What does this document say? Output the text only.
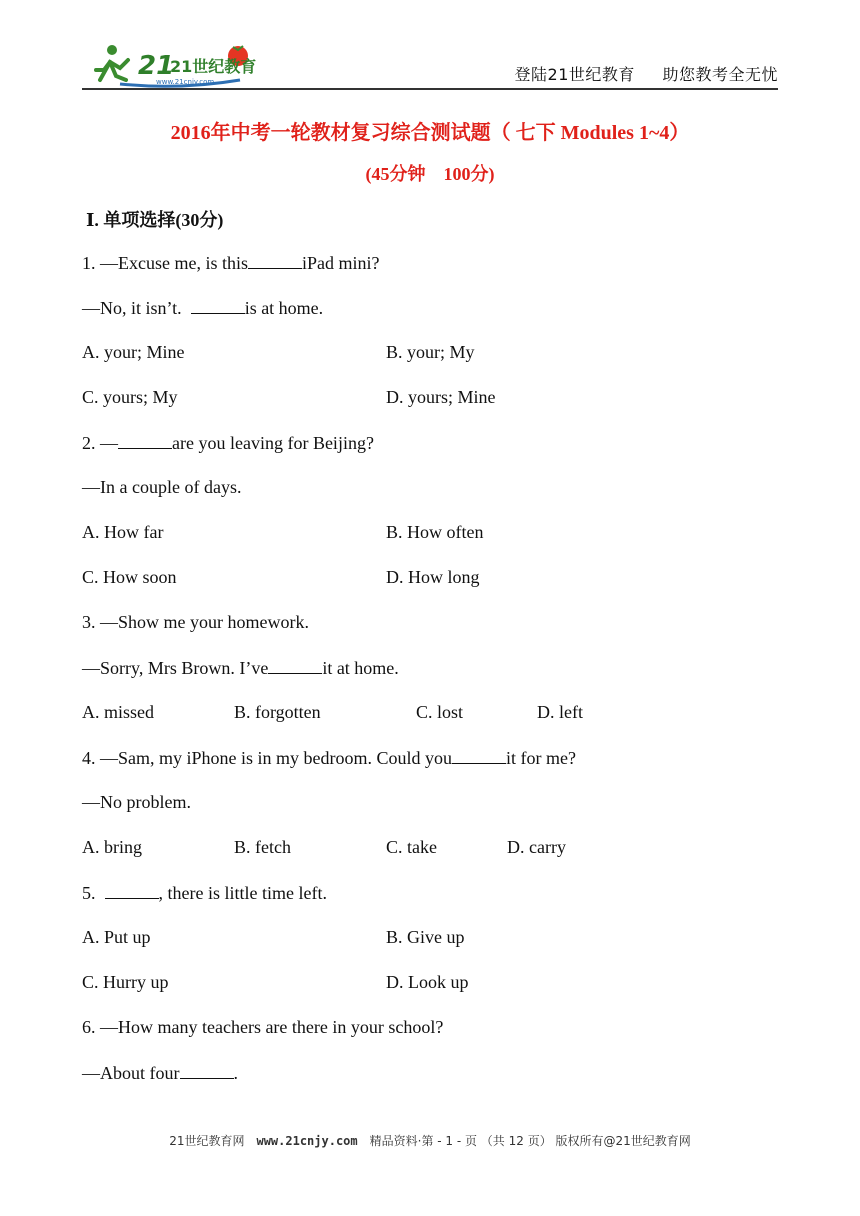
21
21世纪教育
www.21cnjy.com	登陆21世纪教育 助您教考全无忧
2016年中考一轮教材复习综合测试题（ 七下 Modules 1~4）
(45分钟　100分)
Ⅰ. 单项选择(30分)
1. —Excuse me, is this	iPad mini?
—No, it isn’t.	is at home.
A. your; Mine	B. your; My
C. yours; My	D. yours; Mine
2. —	are you leaving for Beijing?
—In a couple of days.
A. How far	B. How often
C. How soon	D. How long
3. —Show me your homework.
—Sorry, Mrs Brown. I’ve	it at home.
A. missed	B. forgotten	C. lost	D. left
4. —Sam, my iPhone is in my bedroom. Could you	it for me?
—No problem.
A. bring	B. fetch	C. take	D. carry
5.	, there is little time left.
A. Put up	B. Give up
C. Hurry up	D. Look up
6. —How many teachers are there in your school?
—About four	.
21世纪教育网　www.21cnjy.com　精品资料·第 - 1 - 页 （共 12 页） 版权所有@21世纪教育网
